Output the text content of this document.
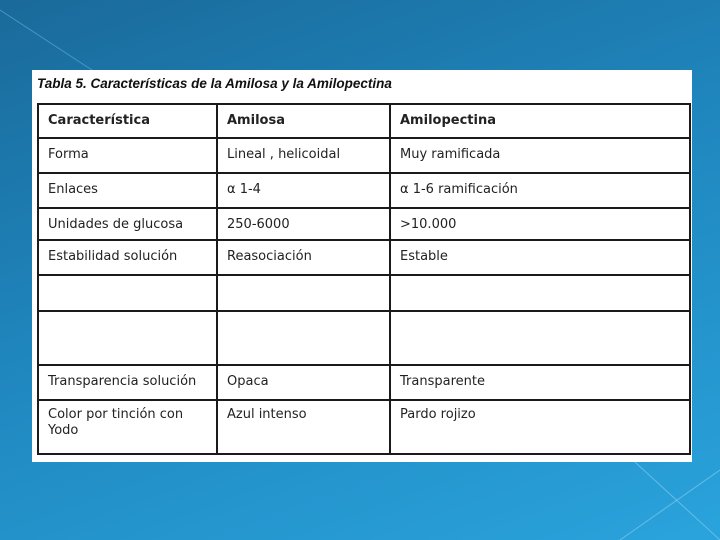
Tabla 5. Características de la Amilosa y la Amilopectina
Característica	Amilosa	Amilopectina
Forma	Lineal , helicoidal	Muy ramificada
Enlaces	α 1-4	α 1-6 ramificación
Unidades de glucosa	250-6000	>10.000
Estabilidad solución	Reasociación	Estable

Transparencia solución	Opaca	Transparente
Color por tinción con Yodo	Azul intenso	Pardo rojizo
